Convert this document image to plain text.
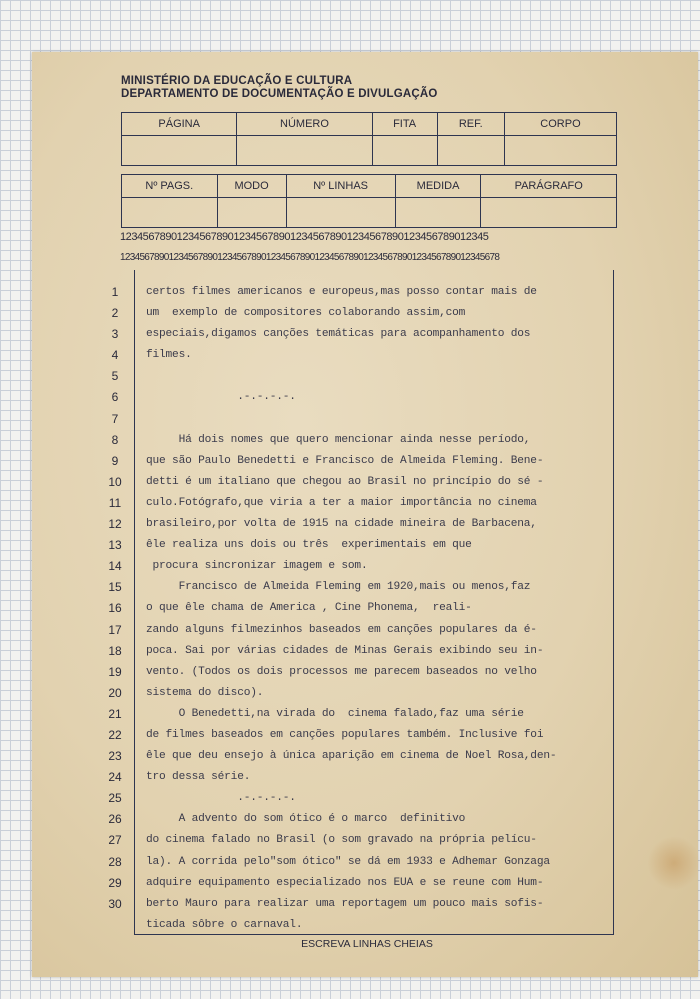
MINISTÉRIO DA EDUCAÇÃO E CULTURA
DEPARTAMENTO DE DOCUMENTAÇÃO E DIVULGAÇÃO
PÁGINA	NÚMERO	FITA	REF.	CORPO

Nº PAGS.	MODO	Nº LINHAS	MEDIDA	PARÁGRAFO

12345678901234567890123456789012345678901234567890123456789012345
123456789012345678901234567890123456789012345678901234567890123456789012345678
1
2
3
4
5
6
7
8
9
10
11
12
13
14
15
16
17
18
19
20
21
22
23
24
25
26
27
28
29
30
certos filmes americanos e europeus,mas posso contar mais de
um  exemplo de compositores colaborando assim,com
especiais,digamos canções temáticas para acompanhamento dos
filmes.
.-.-.-.-.
Há dois nomes que quero mencionar ainda nesse período,
que são Paulo Benedetti e Francisco de Almeida Fleming. Bene-
detti é um italiano que chegou ao Brasil no princípio do sé -
culo.Fotógrafo,que viria a ter a maior importância no cinema
brasileiro,por volta de 1915 na cidade mineira de Barbacena,
êle realiza uns dois ou três  experimentais em que
procura sincronizar imagem e som.
Francisco de Almeida Fleming em 1920,mais ou menos,faz
o que êle chama de America , Cine Phonema,  reali-
zando alguns filmezinhos baseados em canções populares da é-
poca. Sai por várias cidades de Minas Gerais exibindo seu in-
vento. (Todos os dois processos me parecem baseados no velho
sistema do disco).
O Benedetti,na virada do  cinema falado,faz uma série
de filmes baseados em canções populares também. Inclusive foi
êle que deu ensejo à única aparição em cinema de Noel Rosa,den-
tro dessa série.
.-.-.-.-.
A advento do som ótico é o marco  definitivo
do cinema falado no Brasil (o som gravado na própria pelícu-
la). A corrida pelo"som ótico" se dá em 1933 e Adhemar Gonzaga
adquire equipamento especializado nos EUA e se reune com Hum-
berto Mauro para realizar uma reportagem um pouco mais sofis-
ticada sôbre o carnaval.
ESCREVA LINHAS CHEIAS
